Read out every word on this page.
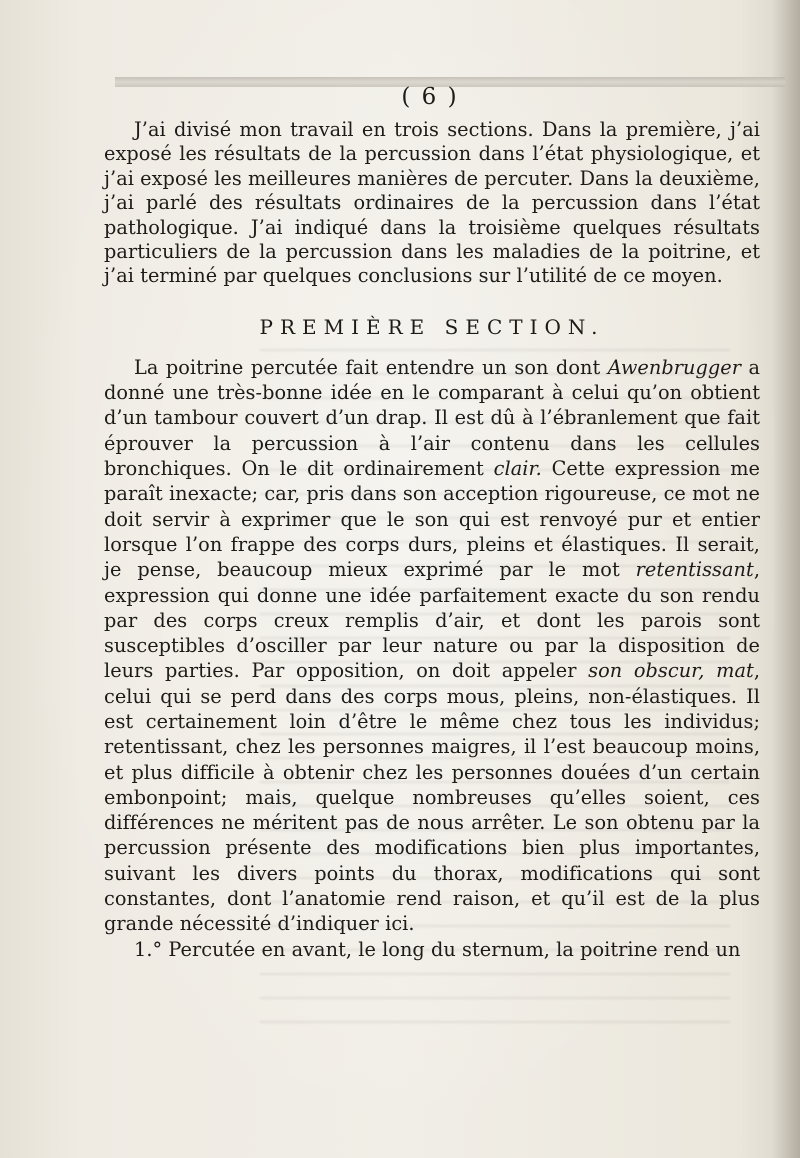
( 6 )

J’ai divisé mon travail en trois sections. Dans la première, j’ai exposé les résultats de la percussion dans l’état physiologique, et j’ai exposé les meilleures manières de percuter. Dans la deuxième, j’ai parlé des résultats ordinaires de la percussion dans l’état pathologique. J’ai indiqué dans la troisième quelques résultats particuliers de la percussion dans les maladies de la poitrine, et j’ai terminé par quelques conclusions sur l’utilité de ce moyen.

PREMIÈRE SECTION.

La poitrine percutée fait entendre un son dont Awenbrugger a donné une très-bonne idée en le comparant à celui qu’on obtient d’un tambour couvert d’un drap. Il est dû à l’ébranlement que fait éprouver la percussion à l’air contenu dans les cellules bronchiques. On le dit ordinairement clair. Cette expression me paraît inexacte; car, pris dans son acception rigoureuse, ce mot ne doit servir à exprimer que le son qui est renvoyé pur et entier lorsque l’on frappe des corps durs, pleins et élastiques. Il serait, je pense, beaucoup mieux exprimé par le mot retentissant, expression qui donne une idée parfaitement exacte du son rendu par des corps creux remplis d’air, et dont les parois sont susceptibles d’osciller par leur nature ou par la disposition de leurs parties. Par opposition, on doit appeler son obscur, mat, celui qui se perd dans des corps mous, pleins, non-élastiques. Il est certainement loin d’être le même chez tous les individus; retentissant, chez les personnes maigres, il l’est beaucoup moins, et plus difficile à obtenir chez les personnes douées d’un certain embonpoint; mais, quelque nombreuses qu’elles soient, ces différences ne méritent pas de nous arrêter. Le son obtenu par la percussion présente des modifications bien plus importantes, suivant les divers points du thorax, modifications qui sont constantes, dont l’anatomie rend raison, et qu’il est de la plus grande nécessité d’indiquer ici.

1.° Percutée en avant, le long du sternum, la poitrine rend un
